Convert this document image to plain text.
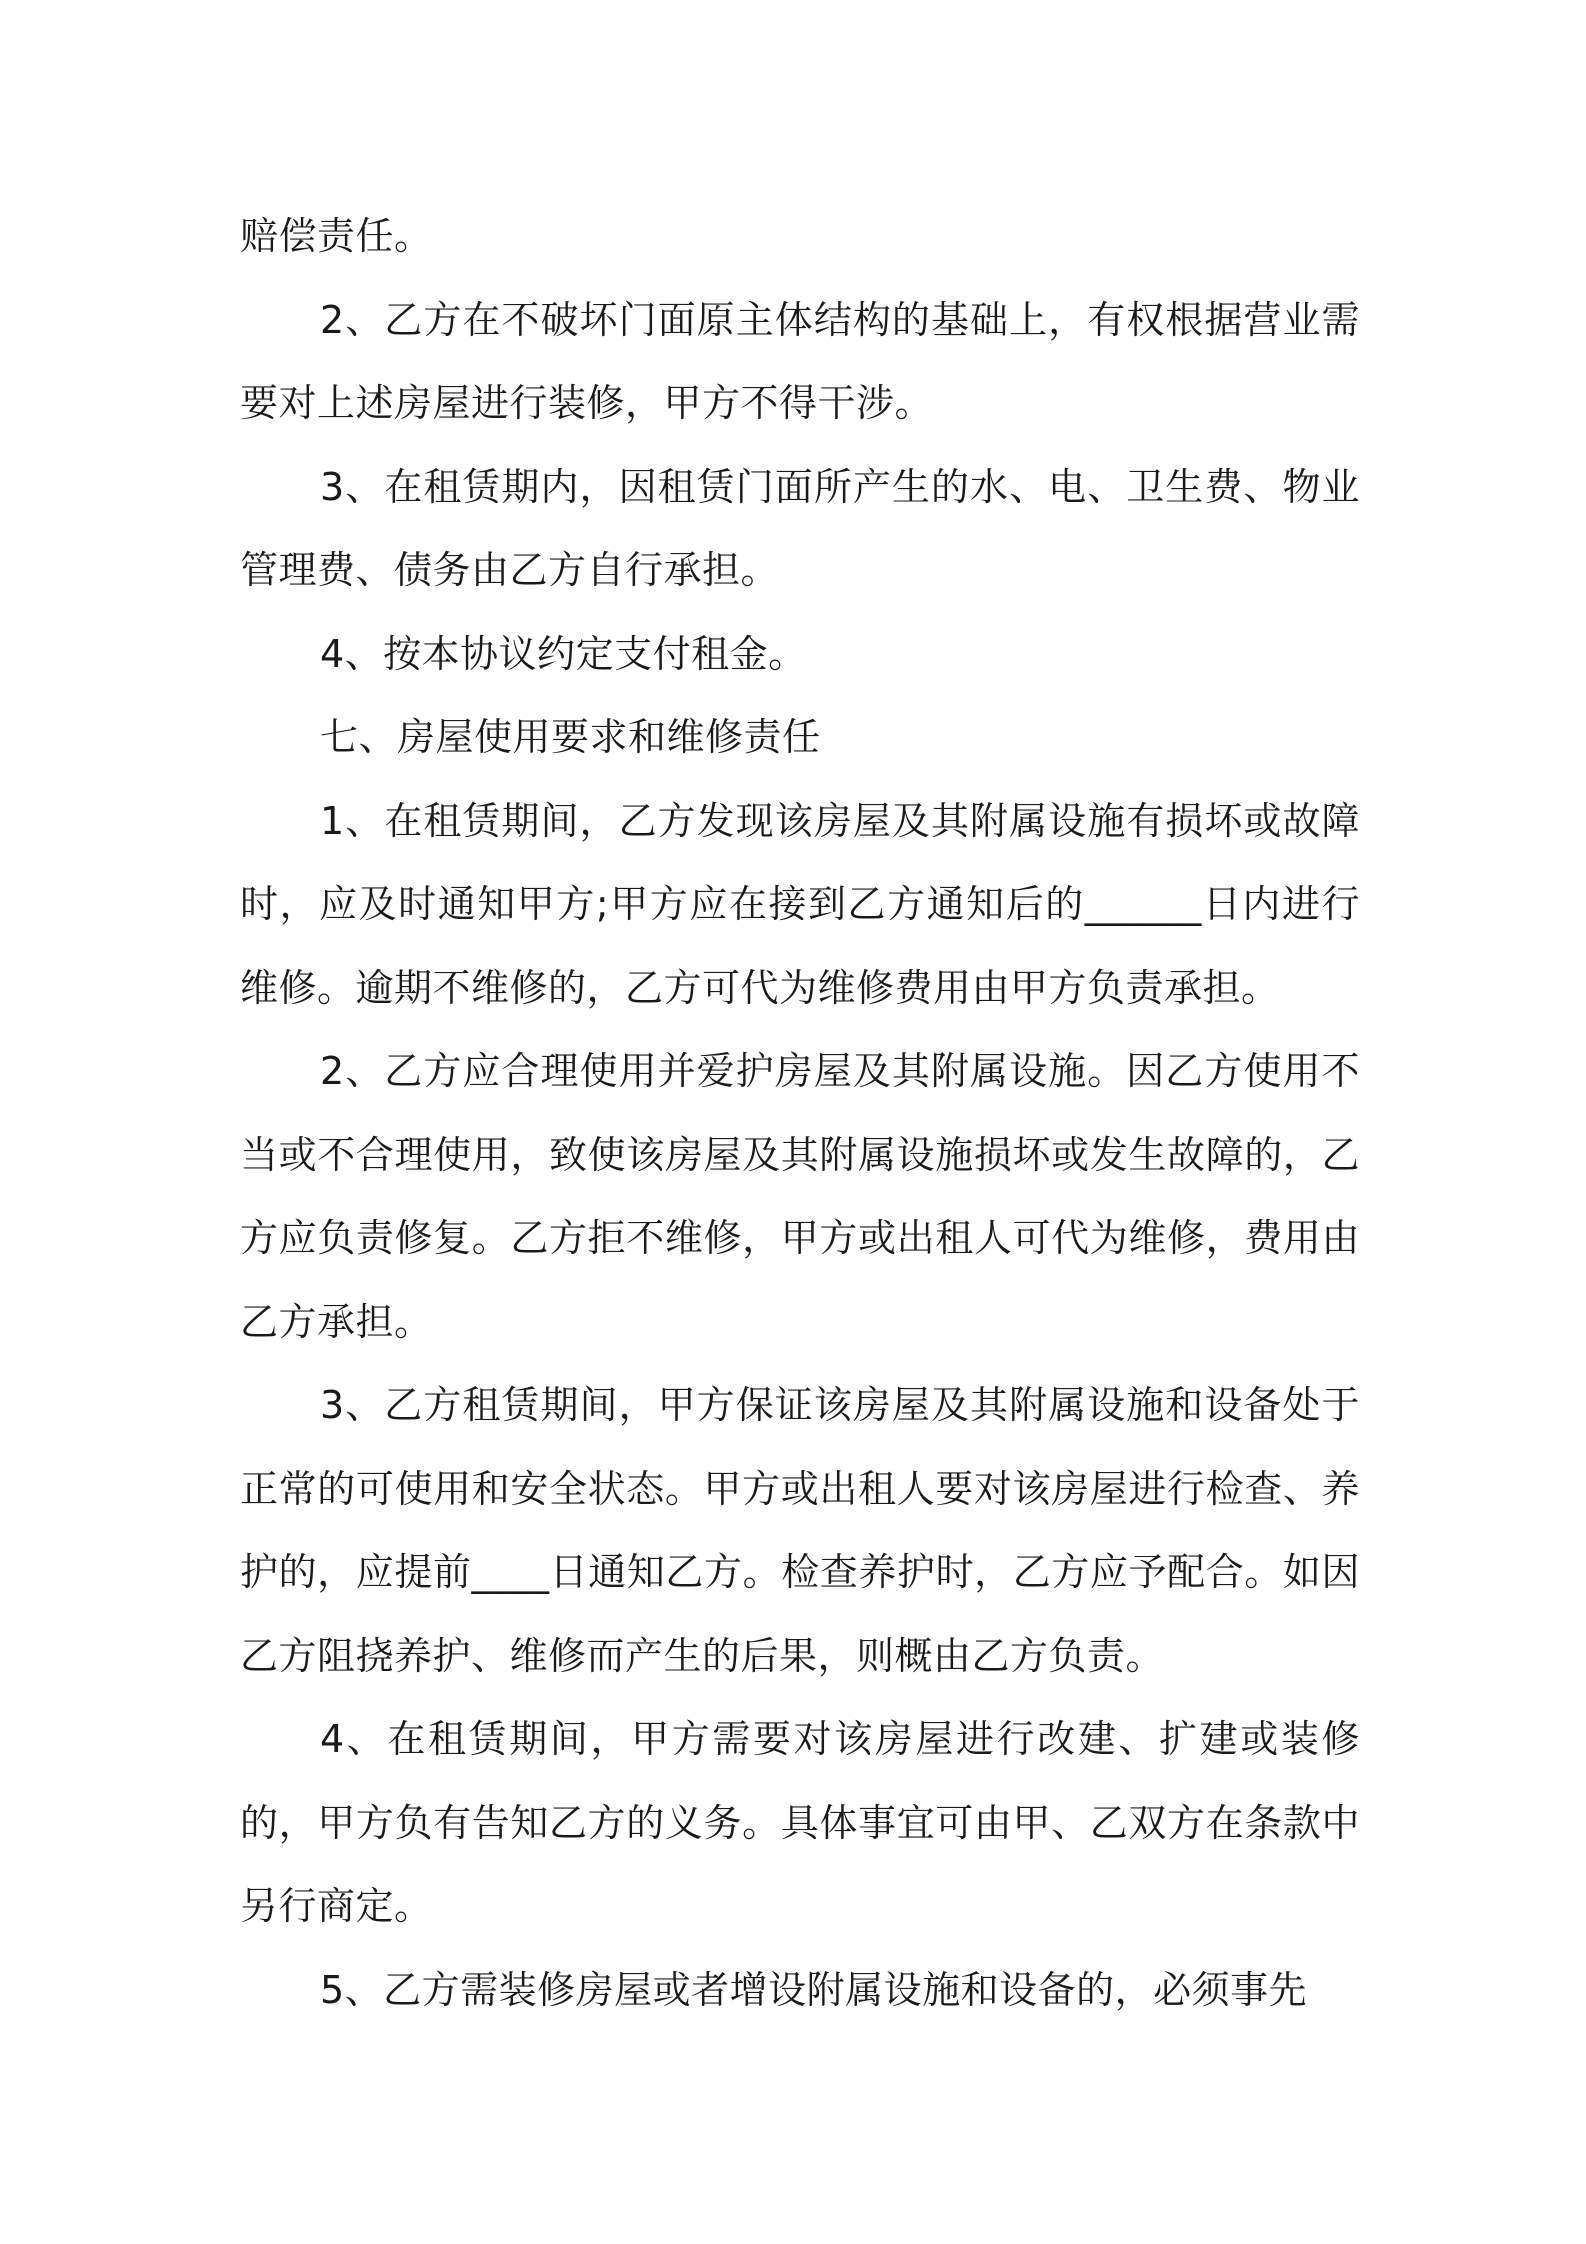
赔偿责任。

2、乙方在不破坏门面原主体结构的基础上，有权根据营业需要对上述房屋进行装修，甲方不得干涉。

3、在租赁期内，因租赁门面所产生的水、电、卫生费、物业管理费、债务由乙方自行承担。

4、按本协议约定支付租金。

七、房屋使用要求和维修责任

1、在租赁期间，乙方发现该房屋及其附属设施有损坏或故障时，应及时通知甲方;甲方应在接到乙方通知后的______日内进行维修。逾期不维修的，乙方可代为维修费用由甲方负责承担。

2、乙方应合理使用并爱护房屋及其附属设施。因乙方使用不当或不合理使用，致使该房屋及其附属设施损坏或发生故障的，乙方应负责修复。乙方拒不维修，甲方或出租人可代为维修，费用由乙方承担。

3、乙方租赁期间，甲方保证该房屋及其附属设施和设备处于正常的可使用和安全状态。甲方或出租人要对该房屋进行检查、养护的，应提前____日通知乙方。检查养护时，乙方应予配合。如因乙方阻挠养护、维修而产生的后果，则概由乙方负责。

4、在租赁期间，甲方需要对该房屋进行改建、扩建或装修的，甲方负有告知乙方的义务。具体事宜可由甲、乙双方在条款中另行商定。

5、乙方需装修房屋或者增设附属设施和设备的，必须事先
